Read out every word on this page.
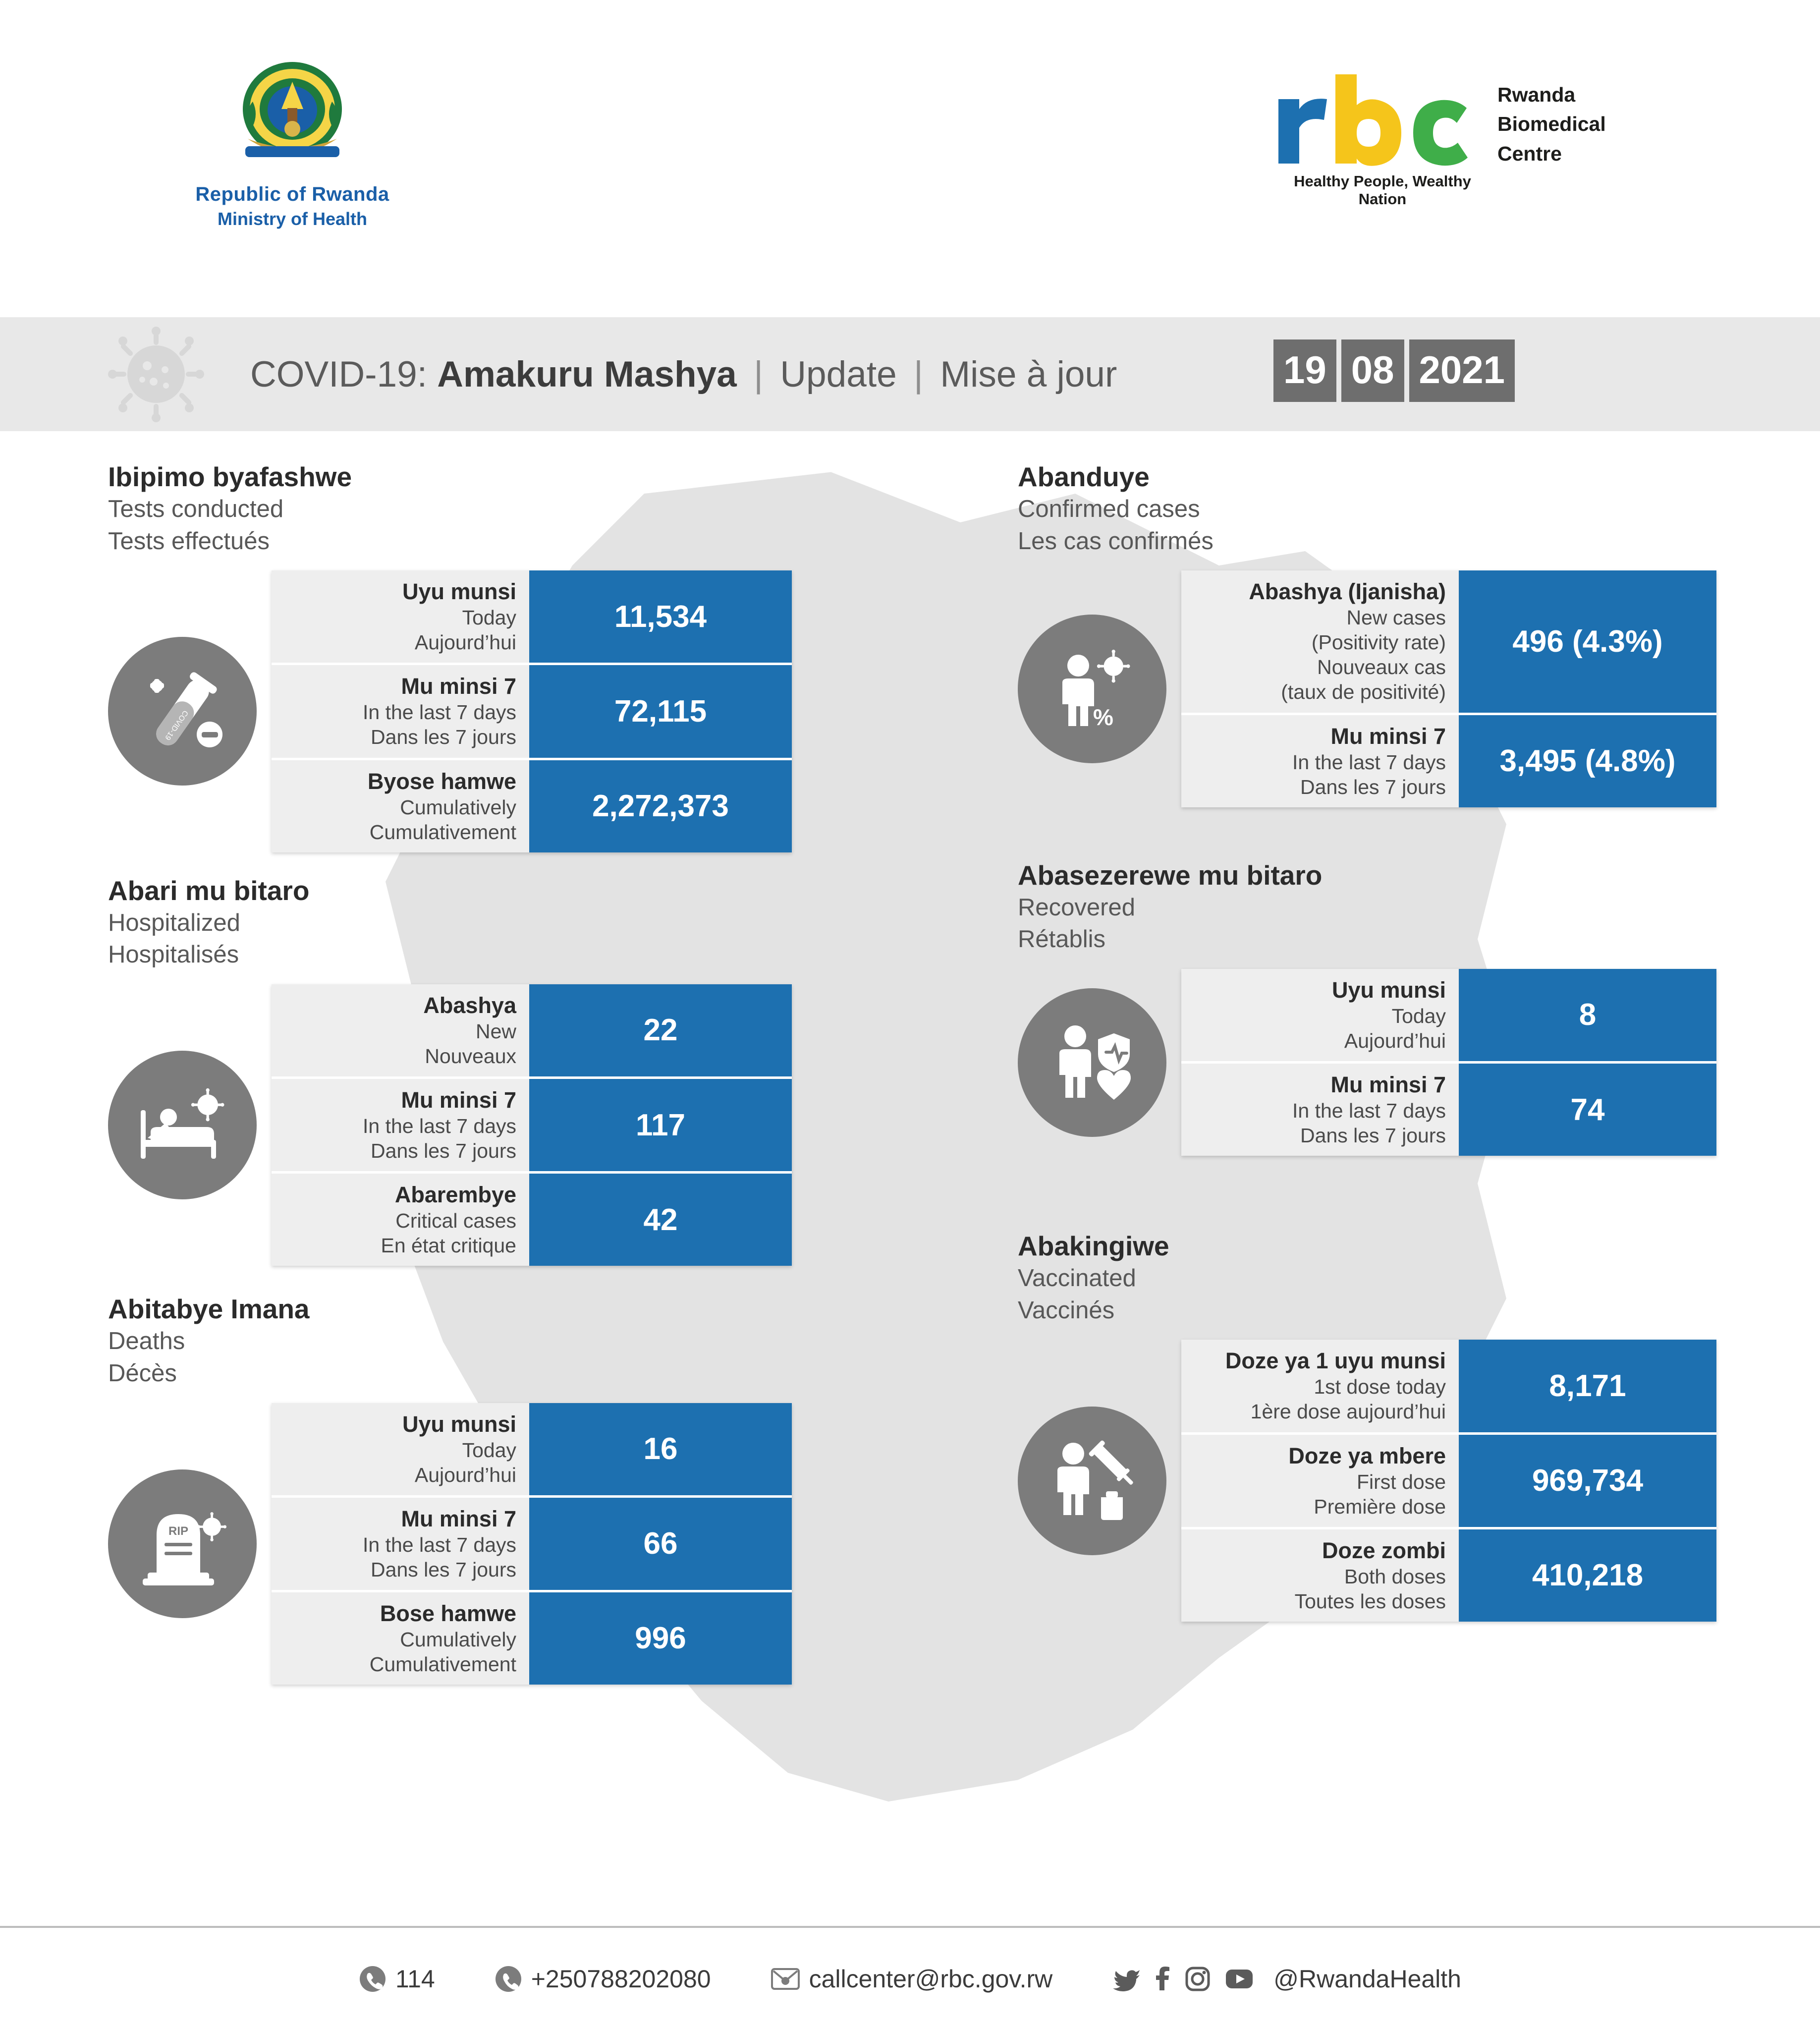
Republic of Rwanda
Ministry of Health
Rwanda
Biomedical
Centre
Healthy People, Wealthy Nation
COVID-19: Amakuru Mashya | Update | Mise à jour	19 08 2021
Ibipimo byafashwe
Tests conducted
Tests effectués
COVID-19
Uyu munsi
Today
Aujourd’hui	11,534

Mu minsi 7
In the last 7 days
Dans les 7 jours	72,115

Byose hamwe
Cumulatively
Cumulativement	2,272,373
Abari mu bitaro
Hospitalized
Hospitalisés
Abashya
New
Nouveaux	22

Mu minsi 7
In the last 7 days
Dans les 7 jours	117

Abarembye
Critical cases
En état critique	42
Abitabye Imana
Deaths
Décès
RIP
Uyu munsi
Today
Aujourd’hui	16

Mu minsi 7
In the last 7 days
Dans les 7 jours	66

Bose hamwe
Cumulatively
Cumulativement	996
Abanduye
Confirmed cases
Les cas confirmés
%
Abashya (Ijanisha)
New cases
(Positivity rate)
Nouveaux cas
(taux de positivité)	496 (4.3%)

Mu minsi 7
In the last 7 days
Dans les 7 jours	3,495 (4.8%)
Abasezerewe mu bitaro
Recovered
Rétablis
Uyu munsi
Today
Aujourd’hui	8

Mu minsi 7
In the last 7 days
Dans les 7 jours	74
Abakingiwe
Vaccinated
Vaccinés
Doze ya 1 uyu munsi
1st dose today
1ère dose aujourd’hui	8,171

Doze ya mbere
First dose
Première dose	969,734

Doze zombi
Both doses
Toutes les doses	410,218
114	+250788202080	callcenter@rbc.gov.rw	@RwandaHealth
